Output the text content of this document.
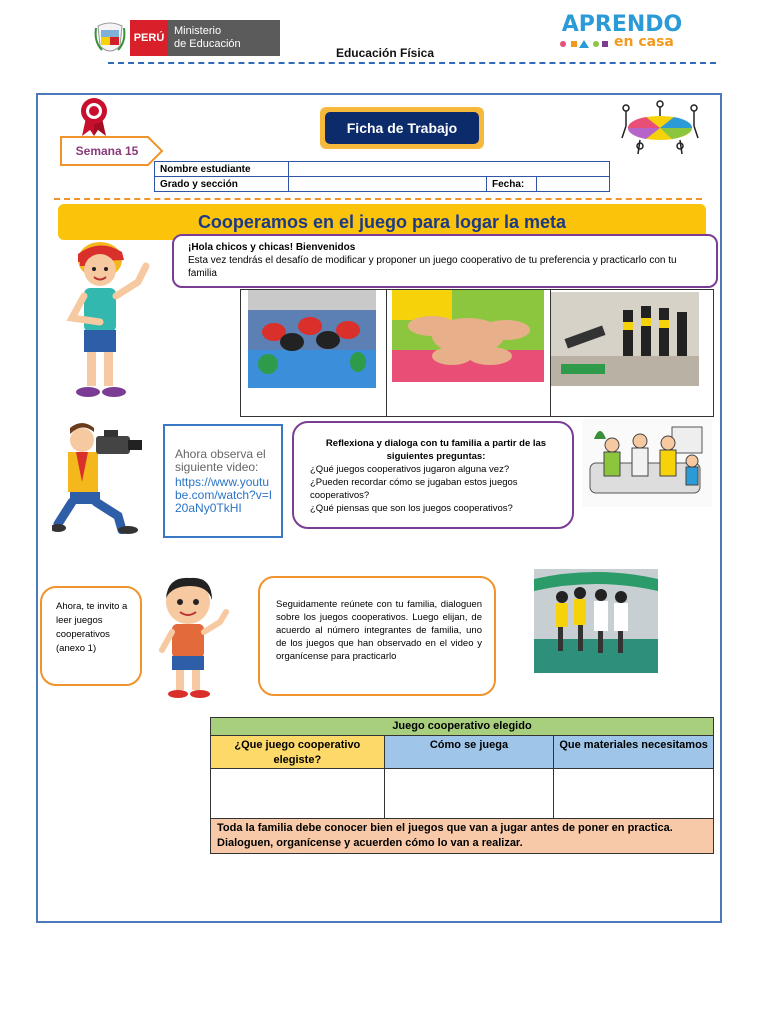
PERÚ
Ministerio
de Educación
Educación Física
APRENDO
en casa
Semana 15
Ficha de Trabajo
Nombre estudiante			
Grado y sección		Fecha:	
Cooperamos en el juego para logar la meta
¡Hola chicos y chicas! Bienvenidos
Esta vez tendrás el desafío de modificar y proponer un juego cooperativo de tu preferencia y practicarlo con tu familia
Ahora observa el siguiente video:
https://www.youtube.com/watch?v=I20aNy0TkHI
Reflexiona y dialoga con tu familia a partir de las siguientes preguntas:
¿Qué juegos cooperativos jugaron alguna vez?
¿Pueden recordar cómo se jugaban estos juegos cooperativos?
¿Qué piensas que son los juegos cooperativos?
Ahora, te invito a leer juegos cooperativos (anexo 1)
Seguidamente reúnete con tu familia, dialoguen sobre los juegos cooperativos. Luego elijan, de acuerdo al número integrantes de familia, uno de los juegos que han observado en el video y organícense para practicarlo
Juego cooperativo elegido		
¿Que juego cooperativo elegiste?	Cómo se juega	Que materiales necesitamos

Toda la familia debe conocer bien el juegos que van a jugar antes de poner en practica. Dialoguen, organícense y acuerden cómo lo van a realizar.		
